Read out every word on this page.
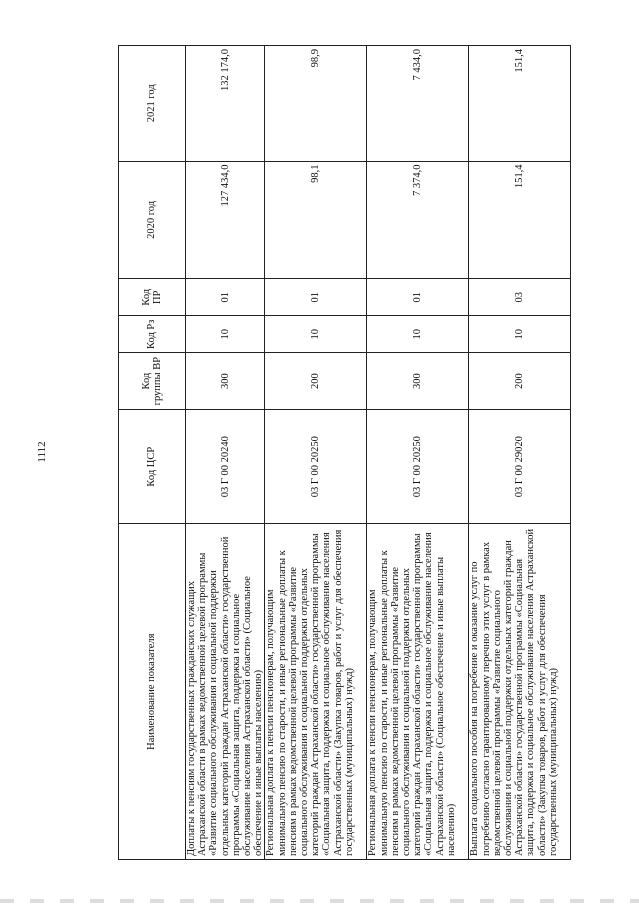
1112
Наименование показателя	Код ЦСР	Код группы ВР	Код Рз	Код ПР	2020 год	2021 год
Доплаты к пенсиям государственных гражданских служащих Астраханской области в рамках ведомственной целевой программы «Развитие социального обслуживания и социальной поддержки отдельных категорий граждан Астраханской области» государственной программы «Социальная защита, поддержка и социальное обслуживание населения Астраханской области» (Социальное обеспечение и иные выплаты населению)	03 Г 00 20240	300	10	01	127 434,0	132 174,0
Региональная доплата к пенсии пенсионерам, получающим минимальную пенсию по старости, и иные региональные доплаты к пенсиям в рамках ведомственной целевой программы «Развитие социального обслуживания и социальной поддержки отдельных категорий граждан Астраханской области» государственной программы «Социальная защита, поддержка и социальное обслуживание населения Астраханской области» (Закупка товаров, работ и услуг для обеспечения государственных (муниципальных) нужд)	03 Г 00 20250	200	10	01	98,1	98,9
Региональная доплата к пенсии пенсионерам, получающим минимальную пенсию по старости, и иные региональные доплаты к пенсиям в рамках ведомственной целевой программы «Развитие социального обслуживания и социальной поддержки отдельных категорий граждан Астраханской области» государственной программы «Социальная защита, поддержка и социальное обслуживание населения Астраханской области» (Социальное обеспечение и иные выплаты населению)	03 Г 00 20250	300	10	01	7 374,0	7 434,0
Выплата социального пособия на погребение и оказание услуг по погребению согласно гарантированному перечню этих услуг в рамках ведомственной целевой программы «Развитие социального обслуживания и социальной поддержки отдельных категорий граждан Астраханской области» государственной программы «Социальная защита, поддержка и социальное обслуживание населения Астраханской области» (Закупка товаров, работ и услуг для обеспечения государственных (муниципальных) нужд)	03 Г 00 29020	200	10	03	151,4	151,4
